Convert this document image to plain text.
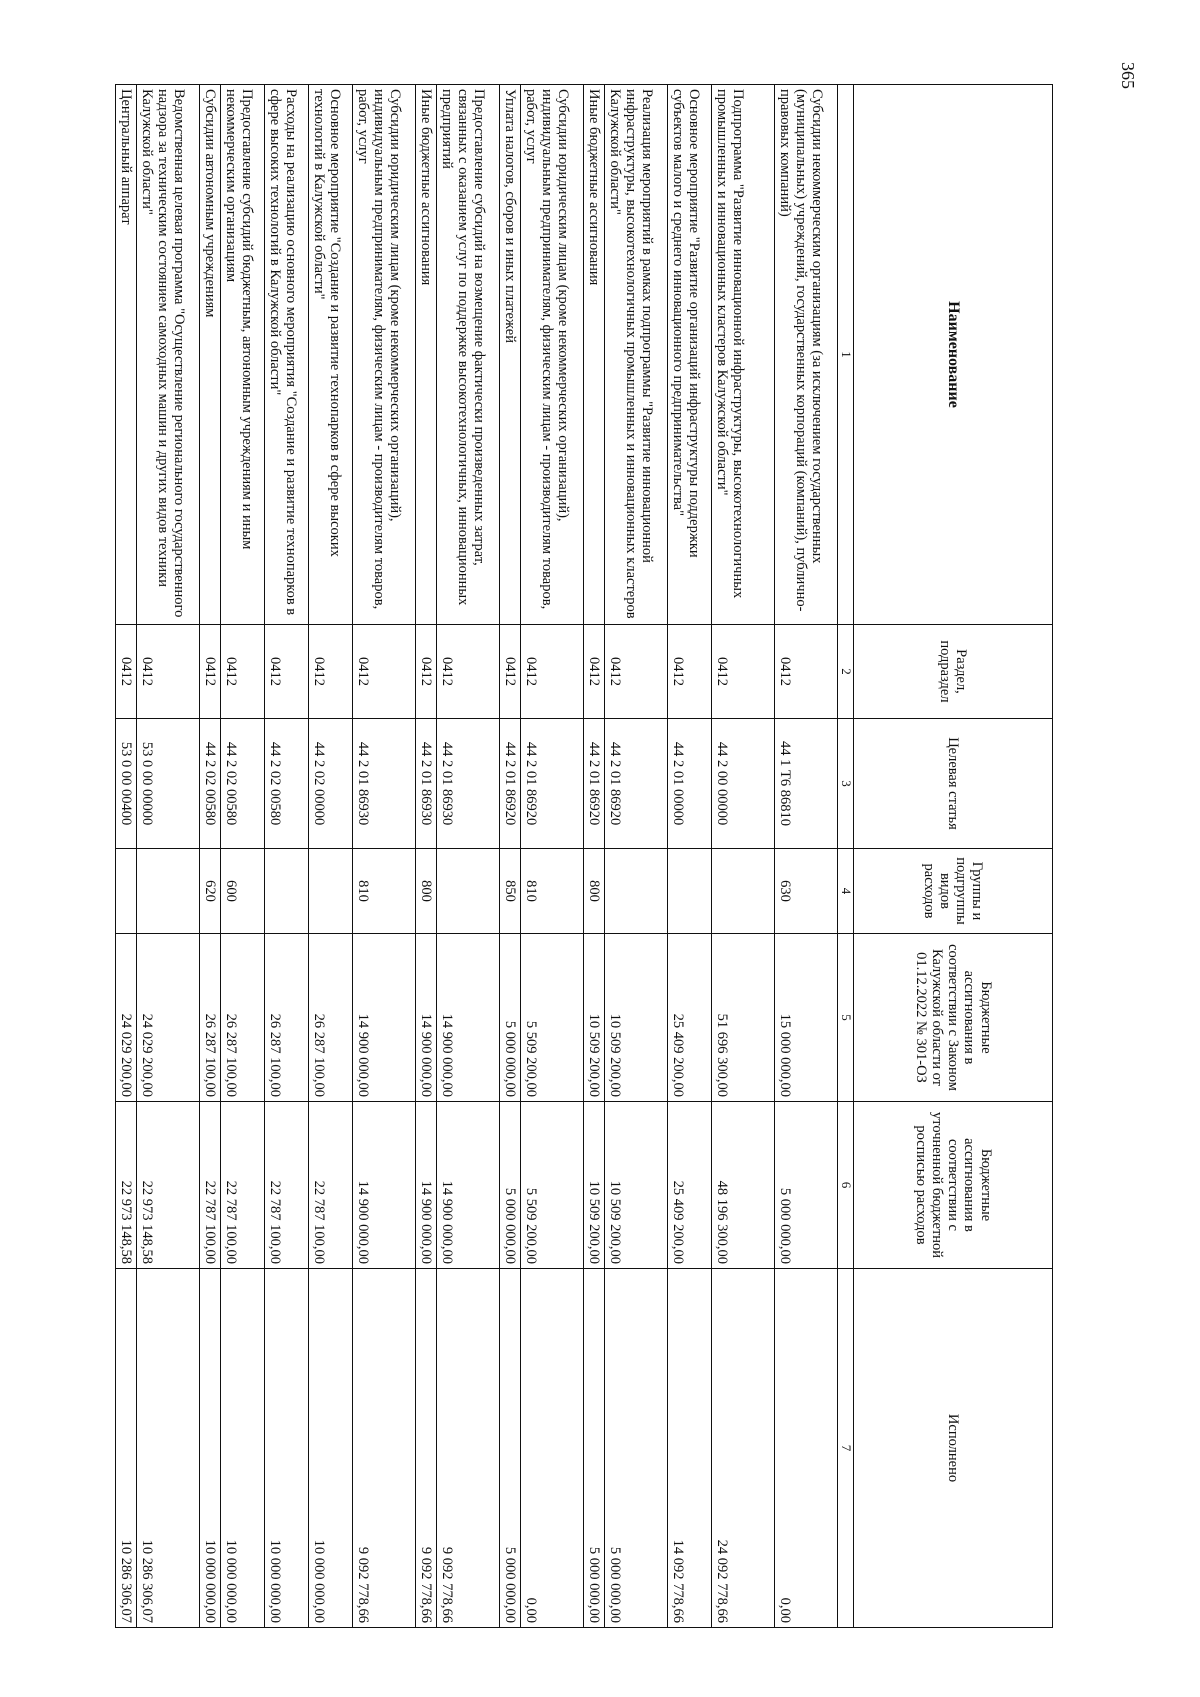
365
Наименование	Раздел, подраздел	Целевая статья	Группы и подгруппы видов расходов	Бюджетные ассигнования в соответствии с Законом Калужской области от 01.12.2022 № 301-ОЗ	Бюджетные ассигнования в соответствии с уточненной бюджетной росписью расходов	Исполнено
1	2	3	4	5	6	7
Субсидии некоммерческим организациям (за исключением государственных (муниципальных) учреждений, государственных корпораций (компаний), публично-правовых компаний)	0412	44 1 Т6 86810	630	15 000 000,00	5 000 000,00	0,00
Подпрограмма "Развитие инновационной инфраструктуры, высокотехнологичных промышленных и инновационных кластеров Калужской области"	0412	44 2 00 00000		51 696 300,00	48 196 300,00	24 092 778,66
Основное мероприятие "Развитие организаций инфраструктуры поддержки субъектов малого и среднего инновационного предпринимательства"	0412	44 2 01 00000		25 409 200,00	25 409 200,00	14 092 778,66
Реализация мероприятий в рамках подпрограммы "Развитие инновационной инфраструктуры, высокотехнологичных промышленных и инновационных кластеров Калужской области"	0412	44 2 01 86920		10 509 200,00	10 509 200,00	5 000 000,00
Иные бюджетные ассигнования	0412	44 2 01 86920	800	10 509 200,00	10 509 200,00	5 000 000,00
Субсидии юридическим лицам (кроме некоммерческих организаций), индивидуальным предпринимателям, физическим лицам - производителям товаров, работ, услуг	0412	44 2 01 86920	810	5 509 200,00	5 509 200,00	0,00
Уплата налогов, сборов и иных платежей	0412	44 2 01 86920	850	5 000 000,00	5 000 000,00	5 000 000,00
Предоставление субсидий на возмещение фактически произведенных затрат, связанных с оказанием услуг по поддержке высокотехнологичных, инновационных предприятий	0412	44 2 01 86930		14 900 000,00	14 900 000,00	9 092 778,66
Иные бюджетные ассигнования	0412	44 2 01 86930	800	14 900 000,00	14 900 000,00	9 092 778,66
Субсидии юридическим лицам (кроме некоммерческих организаций), индивидуальным предпринимателям, физическим лицам - производителям товаров, работ, услуг	0412	44 2 01 86930	810	14 900 000,00	14 900 000,00	9 092 778,66
Основное мероприятие "Создание и развитие технопарков в сфере высоких технологий в Калужской области"	0412	44 2 02 00000		26 287 100,00	22 787 100,00	10 000 000,00
Расходы на реализацию основного мероприятия "Создание и развитие технопарков в сфере высоких технологий в Калужской области"	0412	44 2 02 00580		26 287 100,00	22 787 100,00	10 000 000,00
Предоставление субсидий бюджетным, автономным учреждениям и иным некоммерческим организациям	0412	44 2 02 00580	600	26 287 100,00	22 787 100,00	10 000 000,00
Субсидии автономным учреждениям	0412	44 2 02 00580	620	26 287 100,00	22 787 100,00	10 000 000,00
Ведомственная целевая программа "Осуществление регионального государственного надзора за техническим состоянием самоходных машин и других видов техники Калужской области"	0412	53 0 00 00000		24 029 200,00	22 973 148,58	10 286 306,07
Центральный аппарат	0412	53 0 00 00400		24 029 200,00	22 973 148,58	10 286 306,07
